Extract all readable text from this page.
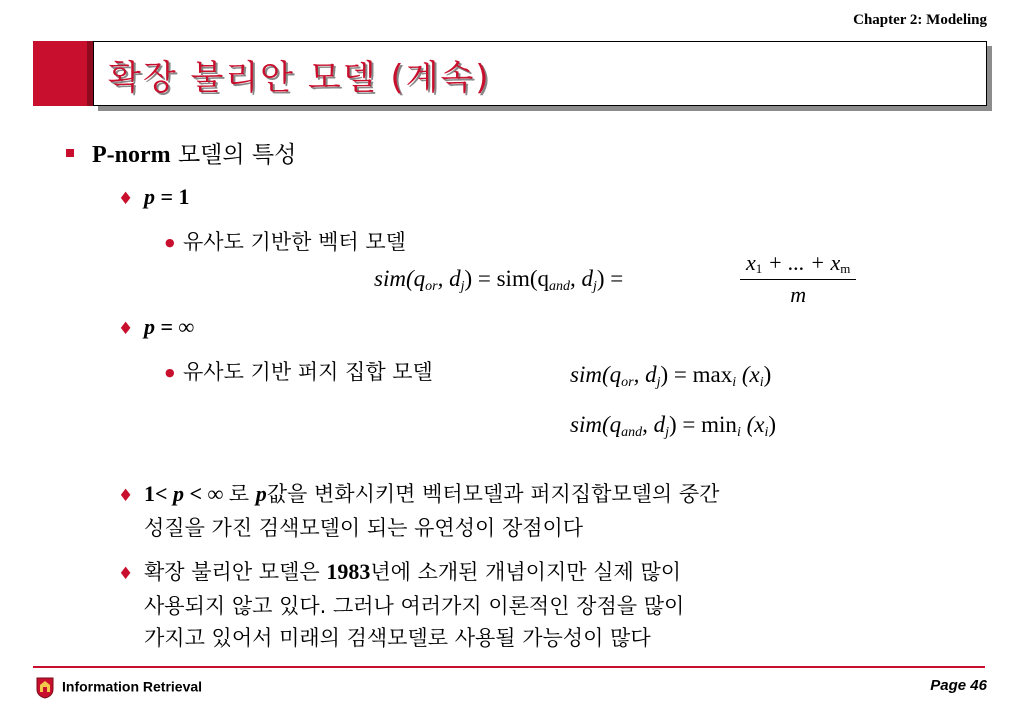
Chapter 2: Modeling
확장 불리안 모델 (계속)
P-norm 모델의 특성
♦ p = 1
● 유사도 기반한 벡터 모델
$sim(q_{or}$, $d_j) = sim(q_{and}$, $d_j$) =	$\frac{x_1 + ... + x_m}{m}$
♦ p = ∞
● 유사도 기반 퍼지 집합 모델	$sim(q_{or}$, $d_j) = \max_i (x_i)$
$sim(q_{and}$, $d_j) = \min_i (x_i)$
♦ 1< p < ∞ 로 p값을 변화시키면 벡터모델과 퍼지집합모델의 중간
성질을 가진 검색모델이 되는 유연성이 장점이다
♦ 확장 불리안 모델은 1983년에 소개된 개념이지만 실제 많이
사용되지 않고 있다. 그러나 여러가지 이론적인 장점을 많이
가지고 있어서 미래의 검색모델로 사용될 가능성이 많다
Information Retrieval	Page 46
